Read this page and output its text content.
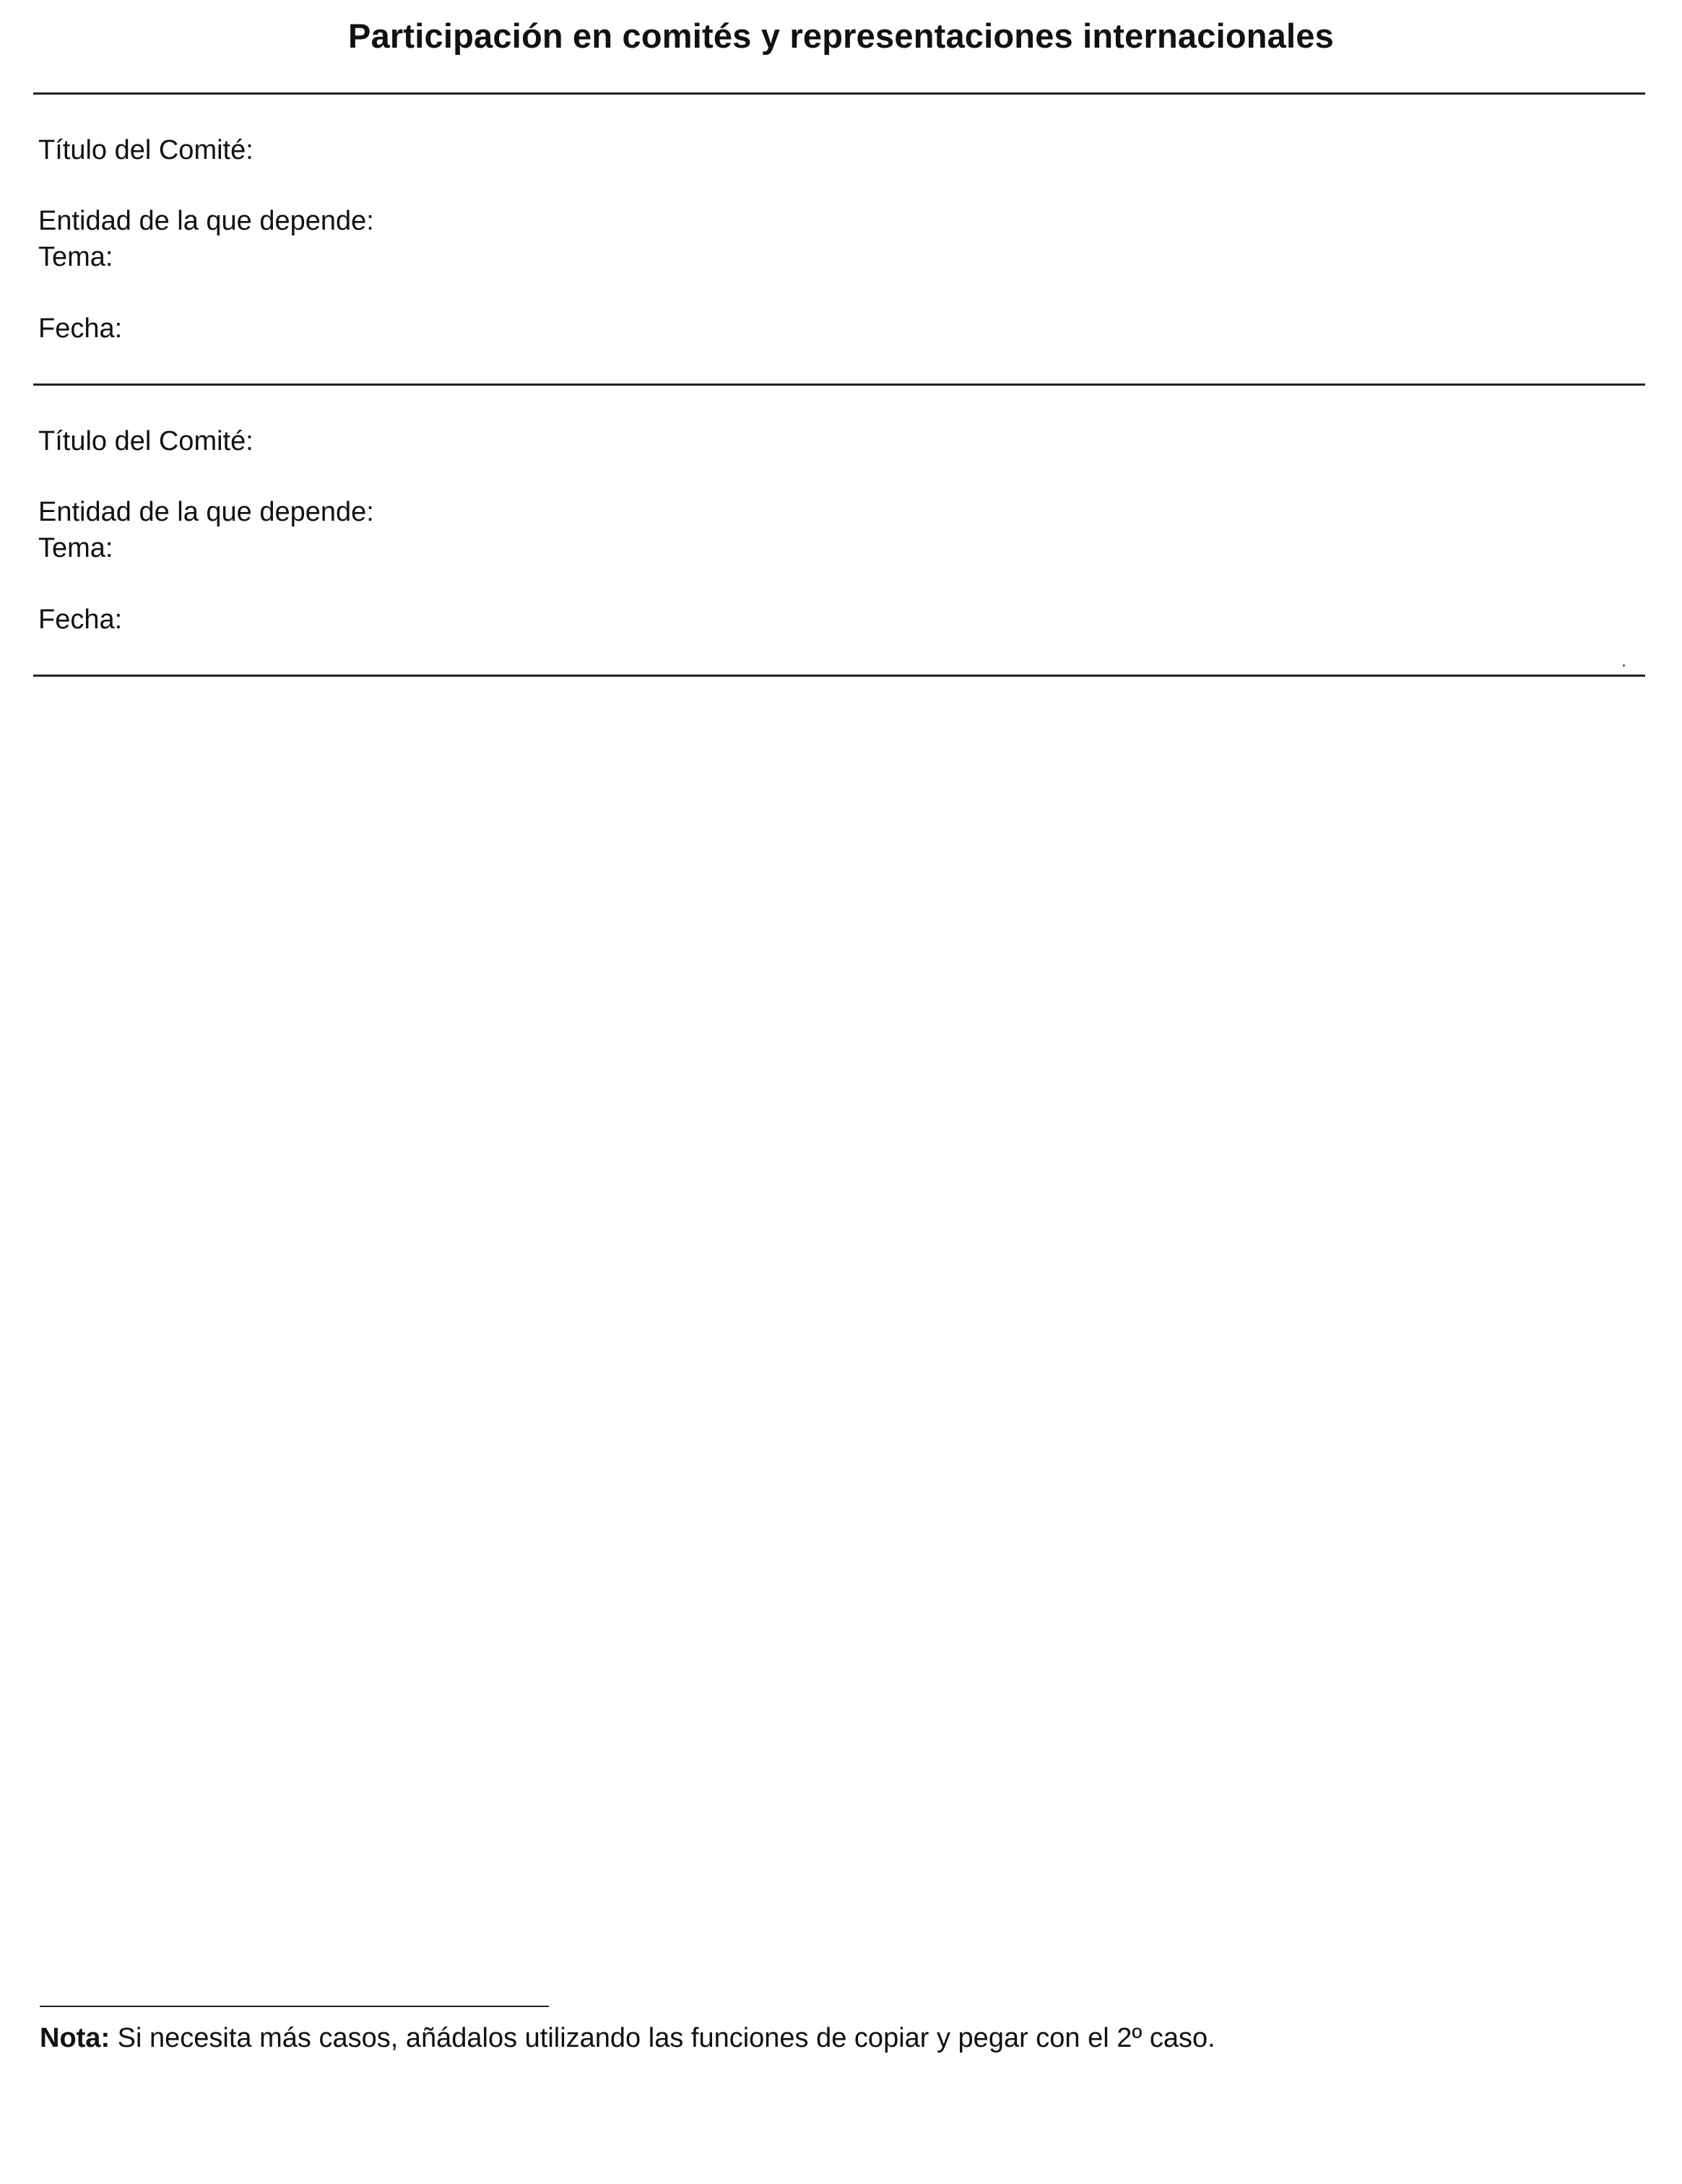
Participación en comités y representaciones internacionales
Título del Comité:
Entidad de la que depende:
Tema:
Fecha:
Título del Comité:
Entidad de la que depende:
Tema:
Fecha:
Nota: Si necesita más casos, añádalos utilizando las funciones de copiar y pegar con el 2º caso.
